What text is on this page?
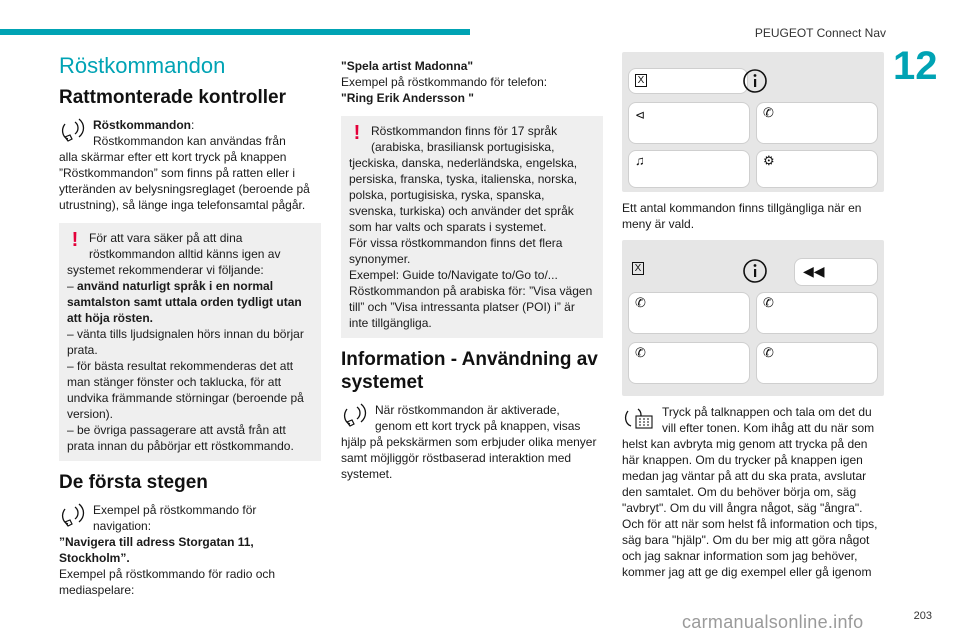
PEUGEOT Connect Nav
12
Röstkommandon
Rattmonterade kontroller
Röstkommandon:
Röstkommandon kan användas från

alla skärmar efter ett kort tryck på knappen ”Röstkommandon” som finns på ratten eller i ytteränden av belysningsreglaget (beroende på utrustning), så länge inga telefonsamtal pågår.

! För att vara säker på att dina
röstkommandon alltid känns igen av

systemet rekommenderar vi följande:

– använd naturligt språk i en normal samtalston samt uttala orden tydligt utan att höja rösten.

– vänta tills ljudsignalen hörs innan du börjar prata.

– för bästa resultat rekommenderas det att man stänger fönster och taklucka, för att undvika främmande störningar (beroende på version).

– be övriga passagerare att avstå från att prata innan du påbörjar ett röstkommando.

De första stegen
Exempel på röstkommando för
navigation:

”Navigera till adress Storgatan 11, Stockholm”.

Exempel på röstkommando för radio och mediaspelare:

"Spela artist Madonna"

Exempel på röstkommando för telefon:

"Ring Erik Andersson "

! Röstkommandon finns för 17 språk
(arabiska, brasiliansk portugisiska,

tjeckiska, danska, nederländska, engelska, persiska, franska, tyska, italienska, norska, polska, portugisiska, ryska, spanska, svenska, turkiska) och använder det språk som har valts och sparats i systemet.

För vissa röstkommandon finns det flera synonymer.

Exempel: Guide to/Navigate to/Go to/...

Röstkommandon på arabiska för: ”Visa vägen till” och ”Visa intressanta platser (POI) i” är inte tillgängliga.

Information - Användning av systemet
När röstkommandon är aktiverade,
genom ett kort tryck på knappen, visas

hjälp på pekskärmen som erbjuder olika menyer samt möjliggör röstbaserad interaktion med systemet.

X
⊲	✆
♫	⚙

Ett antal kommandon finns tillgängliga när en meny är vald.

X	◀◀
✆	✆
✆	✆
Tryck på talknappen och tala om det du
vill efter tonen. Kom ihåg att du när som

helst kan avbryta mig genom att trycka på den här knappen. Om du trycker på knappen igen medan jag väntar på att du ska prata, avslutar den samtalet. Om du behöver börja om, säg "avbryt". Om du vill ångra något, säg "ångra". Och för att när som helst få information och tips, säg bara "hjälp". Om du ber mig att göra något och jag saknar information som jag behöver, kommer jag att ge dig exempel eller gå igenom

carmanualsonline.info	203
